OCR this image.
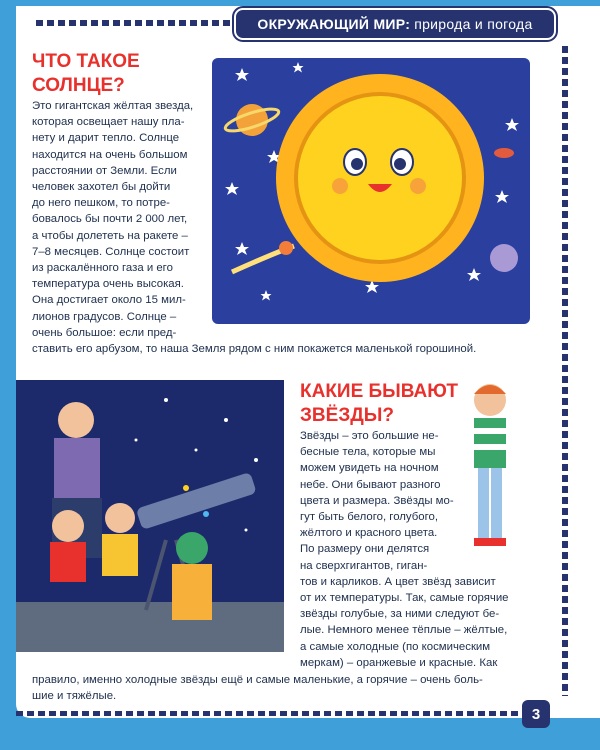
ОКРУЖАЮЩИЙ МИР: природа и погода
ЧТО ТАКОЕ
СОЛНЦЕ?
Это гигантская жёлтая звезда,
которая освещает нашу пла-
нету и дарит тепло. Солнце
находится на очень большом
расстоянии от Земли. Если
человек захотел бы дойти
до него пешком, то потре-
бовалось бы почти 2 000 лет,
а чтобы долететь на ракете –
7–8 месяцев. Солнце состоит
из раскалённого газа и его
температура очень высокая.
Она достигает около 15 мил-
лионов градусов. Солнце –
очень большое: если пред-
ставить его арбузом, то наша Земля рядом с ним покажется маленькой горошиной.
КАКИЕ БЫВАЮТ
ЗВЁЗДЫ?
Звёзды – это большие не-
бесные тела, которые мы
можем увидеть на ночном
небе. Они бывают разного
цвета и размера. Звёзды мо-
гут быть белого, голубого,
жёлтого и красного цвета.
По размеру они делятся
на сверхгигантов, гиган-
тов и карликов. А цвет звёзд зависит
от их температуры. Так, самые горячие
звёзды голубые, за ними следуют бе-
лые. Немного менее тёплые – жёлтые,
а самые холодные (по космическим
меркам) – оранжевые и красные. Как
правило, именно холодные звёзды ещё и самые маленькие, а горячие – очень боль-
шие и тяжёлые.
3
